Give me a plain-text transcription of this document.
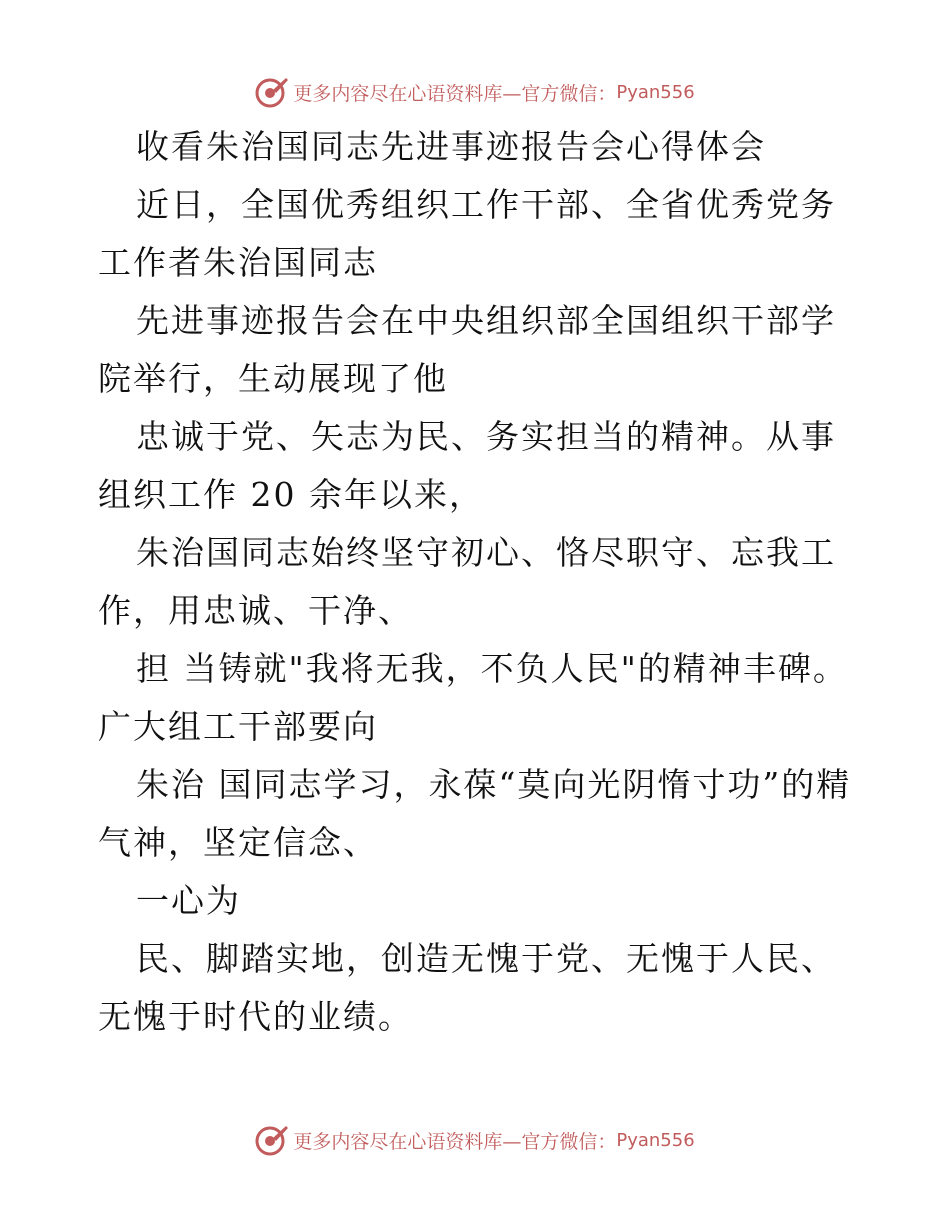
更多内容尽在心语资料库—官方微信： Pyan556

收看朱治国同志先进事迹报告会心得体会

近日，全国优秀组织工作干部、全省优秀党务工作者朱治国同志

先进事迹报告会在中央组织部全国组织干部学院举行，生动展现了他

忠诚于党、矢志为民、务实担当的精神。从事组织工作 20 余年以来，

朱治国同志始终坚守初心、恪尽职守、忘我工作，用忠诚、干净、

担 当铸就"我将无我，不负人民"的精神丰碑。广大组工干部要向

朱治 国同志学习，永葆“莫向光阴惰寸功”的精气神，坚定信念、

一心为

民、脚踏实地，创造无愧于党、无愧于人民、无愧于时代的业绩。

更多内容尽在心语资料库—官方微信： Pyan556
